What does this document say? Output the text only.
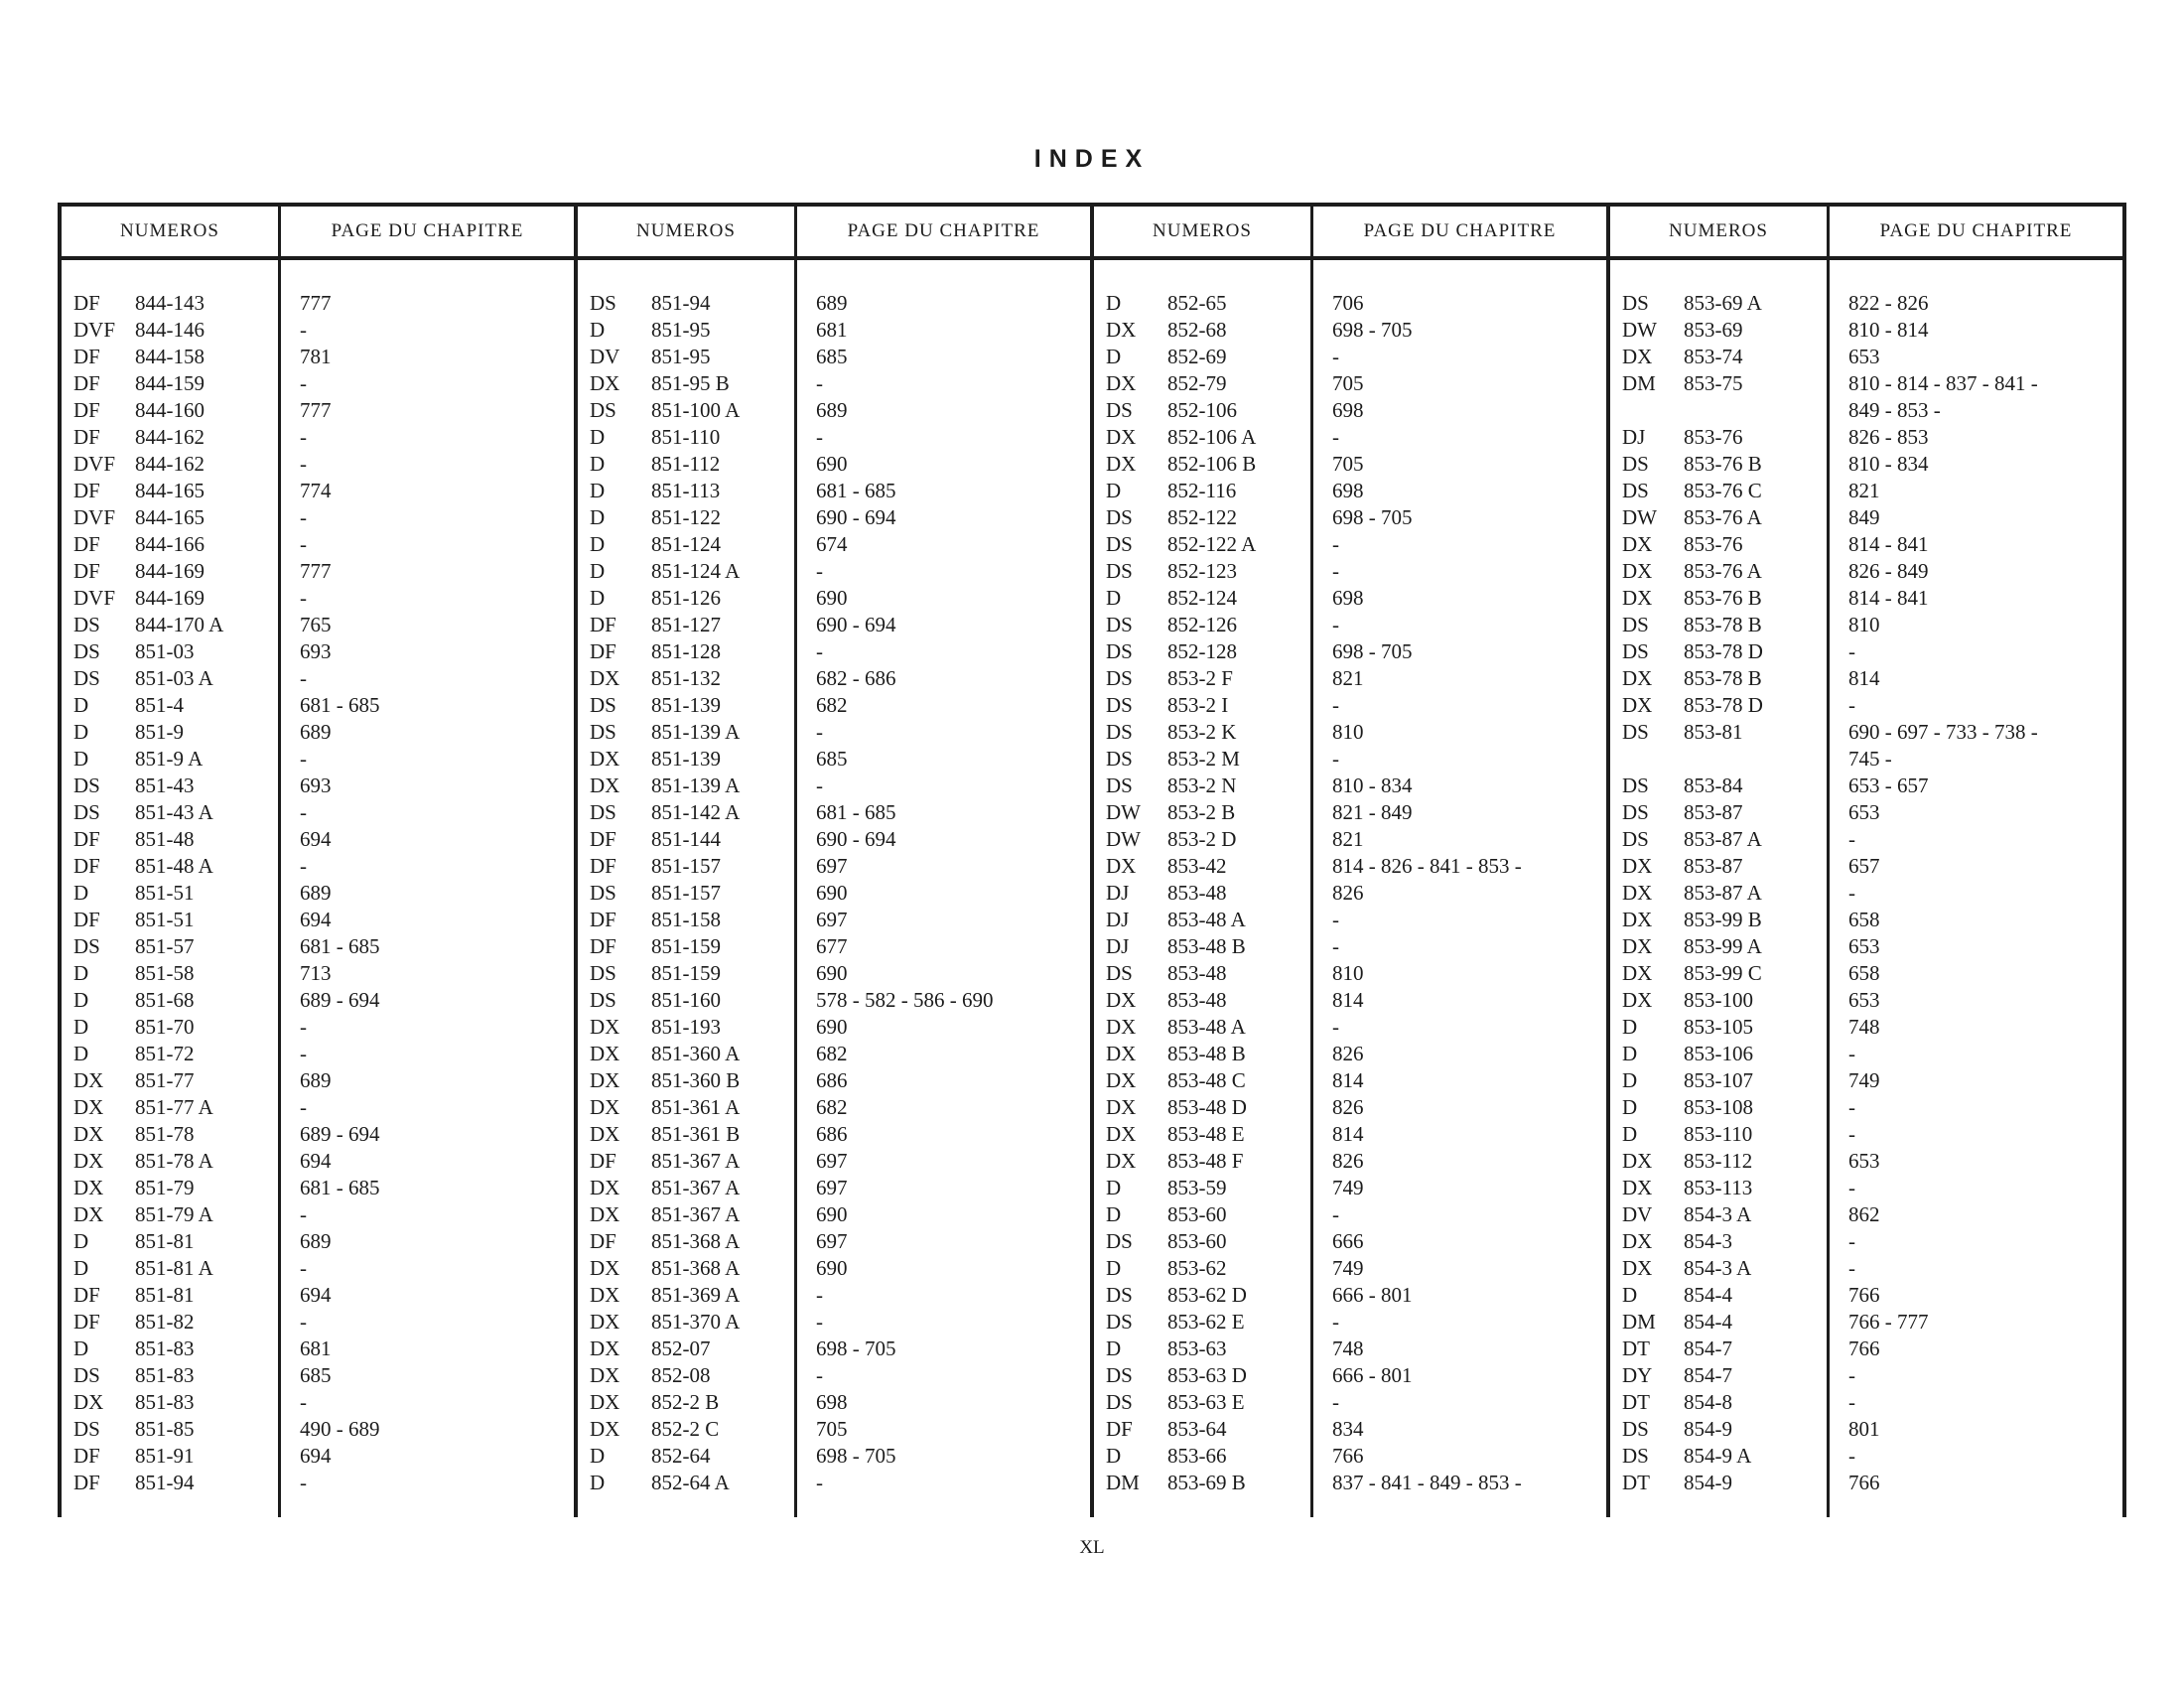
INDEX
NUMEROS	PAGE DU CHAPITRE
DF	844-143	777
DVF 844-146	-
DF	844-158	781
DF	844-159	-
DF	844-160	777
DF	844-162	-
DVF 844-162	-
DF	844-165	774
DVF 844-165	-
DF	844-166	-
DF	844-169	777
DVF 844-169	-
DS	844-170 A	765
DS	851-03	693
DS	851-03 A	-
D	851-4	681 - 685
D	851-9	689
D	851-9 A	-
DS	851-43	693
DS	851-43 A	-
DF	851-48	694
DF	851-48 A	-
D	851-51	689
DF	851-51	694
DS	851-57	681 - 685
D	851-58	713
D	851-68	689 - 694
D	851-70	-
D	851-72	-
DX	851-77	689
DX	851-77 A	-
DX	851-78	689 - 694
DX	851-78 A	694
DX	851-79	681 - 685
DX	851-79 A	-
D	851-81	689
D	851-81 A	-
DF	851-81	694
DF	851-82	-
D	851-83	681
DS	851-83	685
DX	851-83	-
DS	851-85	490 - 689
DF	851-91	694
DF	851-94	-
NUMEROS	PAGE DU CHAPITRE
DS	851-94	689
D	851-95	681
DV	851-95	685
DX	851-95 B	-
DS	851-100 A	689
D	851-110	-
D	851-112	690
D	851-113	681 - 685
D	851-122	690 - 694
D	851-124	674
D	851-124 A	-
D	851-126	690
DF	851-127	690 - 694
DF	851-128	-
DX	851-132	682 - 686
DS	851-139	682
DS	851-139 A	-
DX	851-139	685
DX	851-139 A	-
DS	851-142 A	681 - 685
DF	851-144	690 - 694
DF	851-157	697
DS	851-157	690
DF	851-158	697
DF	851-159	677
DS	851-159	690
DS	851-160	578 - 582 - 586 - 690
DX	851-193	690
DX	851-360 A	682
DX	851-360 B	686
DX	851-361 A	682
DX	851-361 B	686
DF	851-367 A	697
DX	851-367 A	697
DX	851-367 A	690
DF	851-368 A	697
DX	851-368 A	690
DX	851-369 A	-
DX	851-370 A	-
DX	852-07	698 - 705
DX	852-08	-
DX	852-2 B	698
DX	852-2 C	705
D	852-64	698 - 705
D	852-64 A	-
NUMEROS	PAGE DU CHAPITRE
D	852-65	706
DX	852-68	698 - 705
D	852-69	-
DX	852-79	705
DS	852-106	698
DX	852-106 A	-
DX	852-106 B	705
D	852-116	698
DS	852-122	698 - 705
DS	852-122 A	-
DS	852-123	-
D	852-124	698
DS	852-126	-
DS	852-128	698 - 705
DS	853-2 F	821
DS	853-2 I	-
DS	853-2 K	810
DS	853-2 M	-
DS	853-2 N	810 - 834
DW	853-2 B	821 - 849
DW	853-2 D	821
DX	853-42	814 - 826 - 841 - 853 -
DJ	853-48	826
DJ	853-48 A	-
DJ	853-48 B	-
DS	853-48	810
DX	853-48	814
DX	853-48 A	-
DX	853-48 B	826
DX	853-48 C	814
DX	853-48 D	826
DX	853-48 E	814
DX	853-48 F	826
D	853-59	749
D	853-60	-
DS	853-60	666
D	853-62	749
DS	853-62 D	666 - 801
DS	853-62 E	-
D	853-63	748
DS	853-63 D	666 - 801
DS	853-63 E	-
DF	853-64	834
D	853-66	766
DM	853-69 B	837 - 841 - 849 - 853 -
NUMEROS	PAGE DU CHAPITRE
DS	853-69 A	822 - 826
DW	853-69	810 - 814
DX	853-74	653
DM	853-75	810 - 814 - 837 - 841 -
849 - 853 -
DJ	853-76	826 - 853
DS	853-76 B	810 - 834
DS	853-76 C	821
DW	853-76 A	849
DX	853-76	814 - 841
DX	853-76 A	826 - 849
DX	853-76 B	814 - 841
DS	853-78 B	810
DS	853-78 D	-
DX	853-78 B	814
DX	853-78 D	-
DS	853-81	690 - 697 - 733 - 738 -
745 -
DS	853-84	653 - 657
DS	853-87	653
DS	853-87 A	-
DX	853-87	657
DX	853-87 A	-
DX	853-99 B	658
DX	853-99 A	653
DX	853-99 C	658
DX	853-100	653
D	853-105	748
D	853-106	-
D	853-107	749
D	853-108	-
D	853-110	-
DX	853-112	653
DX	853-113	-
DV	854-3 A	862
DX	854-3	-
DX	854-3 A	-
D	854-4	766
DM	854-4	766 - 777
DT	854-7	766
DY	854-7	-
DT	854-8	-
DS	854-9	801
DS	854-9 A	-
DT	854-9	766
XL
